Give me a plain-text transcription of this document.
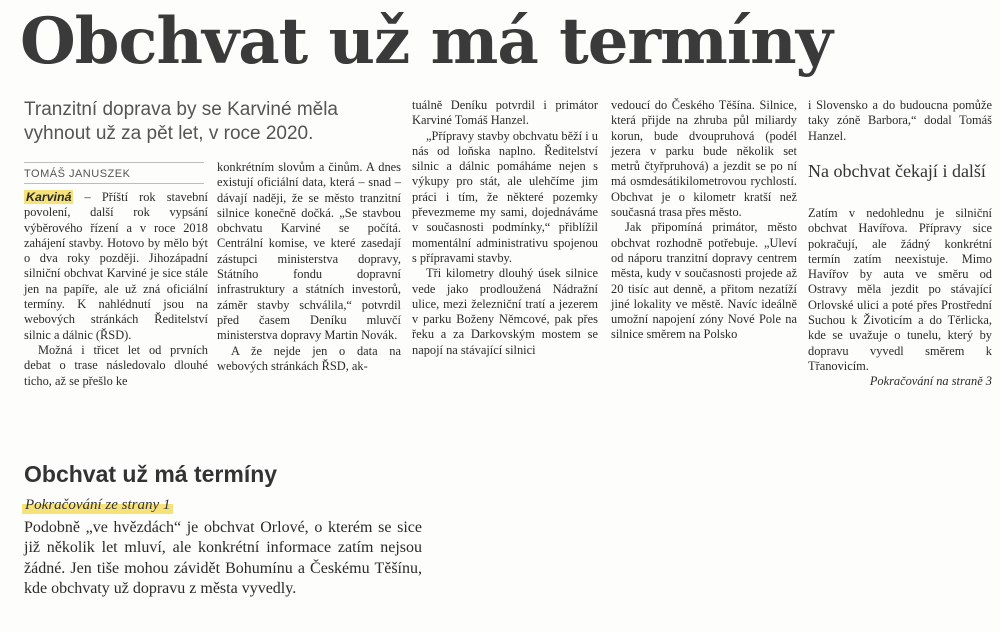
Obchvat už má termíny
Tranzitní doprava by se Karviné měla vyhnout už za pět let, v roce 2020.
TOMÁŠ JANUSZEK

Karviná – Příští rok stavební povolení, další rok vypsání výběrového řízení a v roce 2018 zahájení stavby. Hotovo by mělo být o dva roky později. Jihozápadní silniční obchvat Karviné je sice stále jen na papíře, ale už zná oficiální termíny. K nahlédnutí jsou na webových stránkách Ředitelství silnic a dálnic (ŘSD).

Možná i třicet let od prvních debat o trase následovalo dlouhé ticho, až se přešlo ke

konkrétním slovům a činům. A dnes existují oficiální data, která – snad – dávají naději, že se město tranzitní silnice konečně dočká. „Se stavbou obchvatu Karviné se počítá. Centrální komise, ve které zasedají zástupci ministerstva dopravy, Státního fondu dopravní infrastruktury a státních investorů, záměr stavby schválila,“ potvrdil před časem Deníku mluvčí ministerstva dopravy Martin Novák.

A že nejde jen o data na webových stránkách ŘSD, ak-

tuálně Deníku potvrdil i primátor Karviné Tomáš Hanzel.

„Přípravy stavby obchvatu běží i u nás od loňska naplno. Ředitelství silnic a dálnic pomáháme nejen s výkupy pro stát, ale ulehčíme jim práci i tím, že některé pozemky převezmeme my sami, dojednáváme v současnosti podmínky,“ přiblížil momentální administrativu spojenou s přípravami stavby.

Tři kilometry dlouhý úsek silnice vede jako prodloužená Nádražní ulice, mezi železniční tratí a jezerem v parku Boženy Němcové, pak přes řeku a za Darkovským mostem se napojí na stávající silnici

vedoucí do Českého Těšína. Silnice, která přijde na zhruba půl miliardy korun, bude dvoupruhová (podél jezera v parku bude několik set metrů čtyřpruhová) a jezdit se po ní má osmdesátikilometrovou rychlostí. Obchvat je o kilometr kratší než současná trasa přes město.

Jak připomíná primátor, město obchvat rozhodně potřebuje. „Uleví od náporu tranzitní dopravy centrem města, kudy v současnosti projede až 20 tisíc aut denně, a přitom nezatíží jiné lokality ve městě. Navíc ideálně umožní napojení zóny Nové Pole na silnice směrem na Polsko

i Slovensko a do budoucna pomůže taky zóně Barbora,“ dodal Tomáš Hanzel.

Na obchvat čekají i další

Zatím v nedohlednu je silniční obchvat Havířova. Přípravy sice pokračují, ale žádný konkrétní termín zatím neexistuje. Mimo Havířov by auta ve směru od Ostravy měla jezdit po stávající Orlovské ulici a poté přes Prostřední Suchou k Životicím a do Těrlicka, kde se uvažuje o tunelu, který by dopravu vyvedl směrem k Třanovicím.

Pokračování na straně 3

Obchvat už má termíny
Pokračování ze strany 1
Podobně „ve hvězdách“ je obchvat Orlové, o kterém se sice již několik let mluví, ale konkrétní informace zatím nejsou žádné. Jen tiše mohou závidět Bohumínu a Českému Těšínu, kde obchvaty už dopravu z města vyvedly.
